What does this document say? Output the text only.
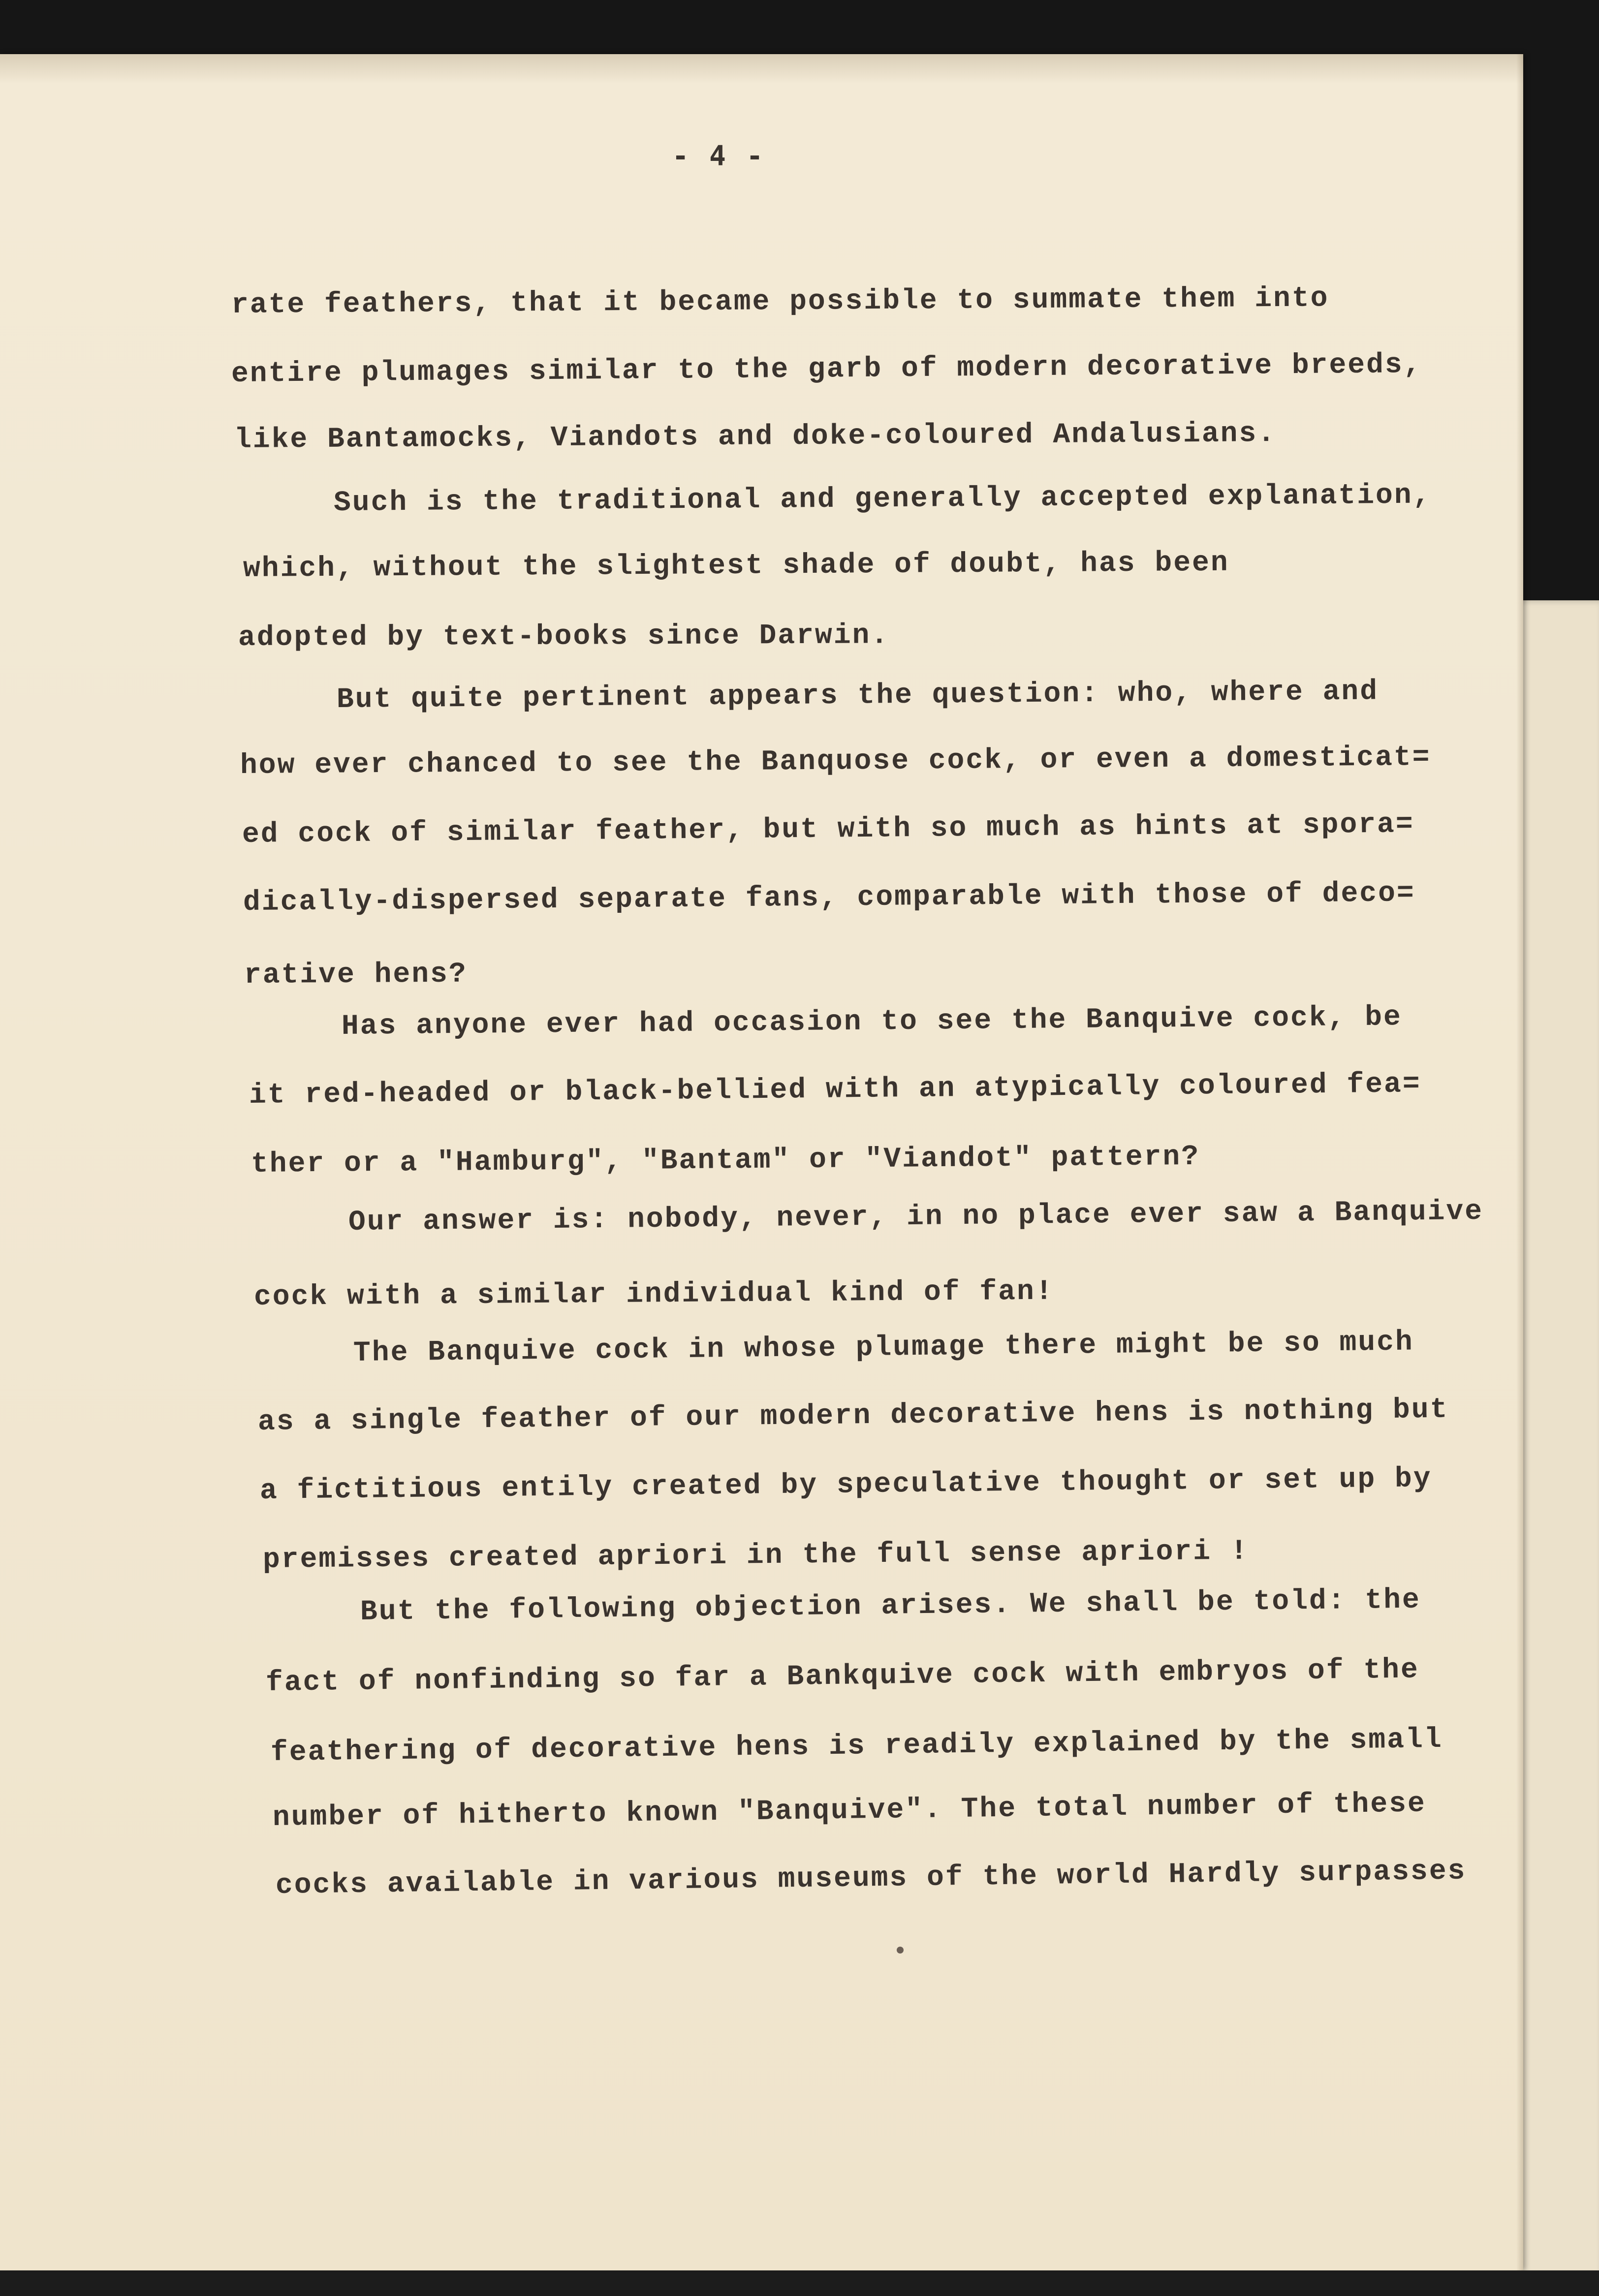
- 4 -
rate feathers, that it became possible to summate them into
entire plumages similar to the garb of modern decorative breeds,
like Bantamocks, Viandots and doke-coloured Andalusians.
Such is the traditional and generally accepted explanation,
which, without the slightest shade of doubt, has been
adopted by text-books since Darwin.
But quite pertinent appears the question: who, where and
how ever chanced to see the Banquose cock, or even a domesticat=
ed cock of similar feather, but with so much as hints at spora=
dically-dispersed separate fans, comparable with those of deco=
rative hens?
Has anyone ever had occasion to see the Banquive cock, be
it red-headed or black-bellied with an atypically coloured fea=
ther or a "Hamburg", "Bantam" or "Viandot" pattern?
Our answer is: nobody, never, in no place ever saw a Banquive
cock with a similar individual kind of fan!
The Banquive cock in whose plumage there might be so much
as a single feather of our modern decorative hens is nothing but
a fictitious entily created by speculative thought or set up by
premisses created apriori in the full sense apriori !
But the following objection arises. We shall be told: the
fact of nonfinding so far a Bankquive cock with embryos of the
feathering of decorative hens is readily explained by the small
number of hitherto known "Banquive". The total number of these
cocks available in various museums of the world Hardly surpasses
